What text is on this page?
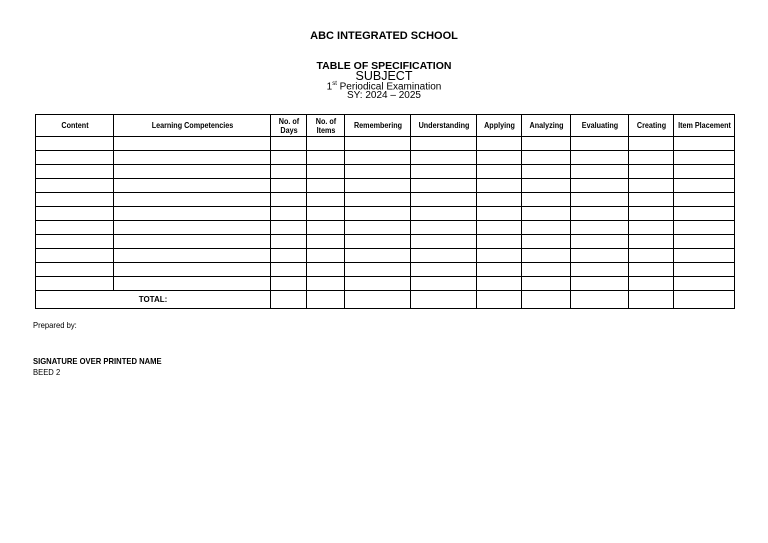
ABC INTEGRATED SCHOOL
TABLE OF SPECIFICATION
SUBJECT
1st Periodical Examination
SY: 2024 – 2025
Content	Learning Competencies	No. of Days	No. of Items	Remembering	Understanding	Applying	Analyzing	Evaluating	Creating	Item Placement

TOTAL:										
Prepared by:
SIGNATURE OVER PRINTED NAME
BEED 2
